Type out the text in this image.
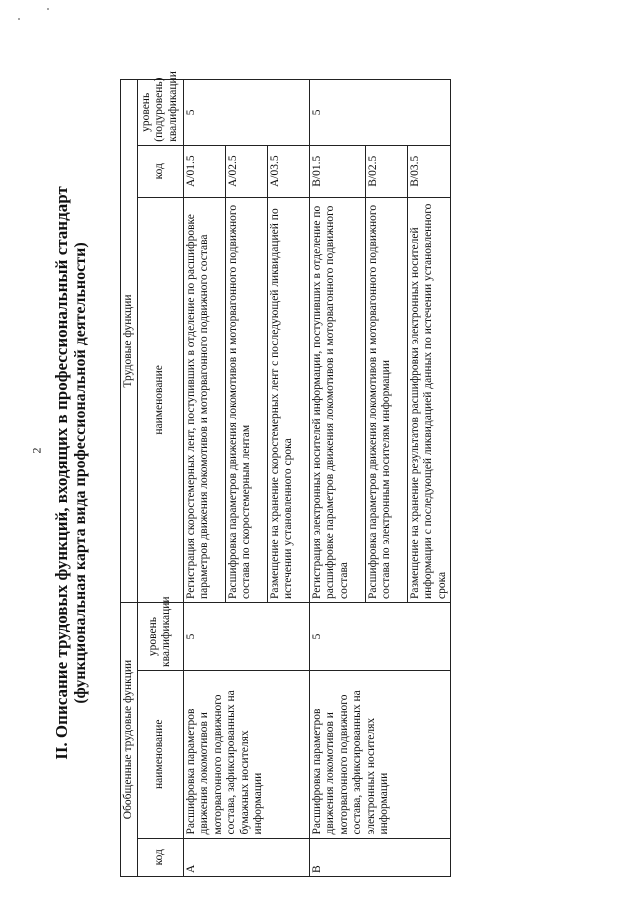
2 II. Описание трудовых функций, входящих в профессиональный стандарт (функциональная карта вида профессиональной деятельности)
Обобщенные трудовые функции			Трудовые функции		
код	наименование	уровень квалификации	наименование	код	уровень (подуровень) квалификации
А	Расшифровка параметров движения локомотивов и моторвагонного подвижного состава, зафиксированных на бумажных носителях информации	5	Регистрация скоростемерных лент, поступивших в отделение по расшифровке параметров движения локомотивов и моторвагонного подвижного состава	А/01.5	5
			Расшифровка параметров движения локомотивов и моторвагонного подвижного состава по скоростемерным лентам	А/02.5	
			Размещение на хранение скоростемерных лент с последующей ликвидацией по истечении установленного срока	А/03.5	
В	Расшифровка параметров движения локомотивов и моторвагонного подвижного состава, зафиксированных на электронных носителях информации	5	Регистрация электронных носителей информации, поступивших в отделение по расшифровке параметров движения локомотивов и моторвагонного подвижного состава	В/01.5	5
			Расшифровка параметров движения локомотивов и моторвагонного подвижного состава по электронным носителям информации	В/02.5	
			Размещение на хранение результатов расшифровки электронных носителей информации с последующей ликвидацией данных по истечении установленного срока	В/03.5	
